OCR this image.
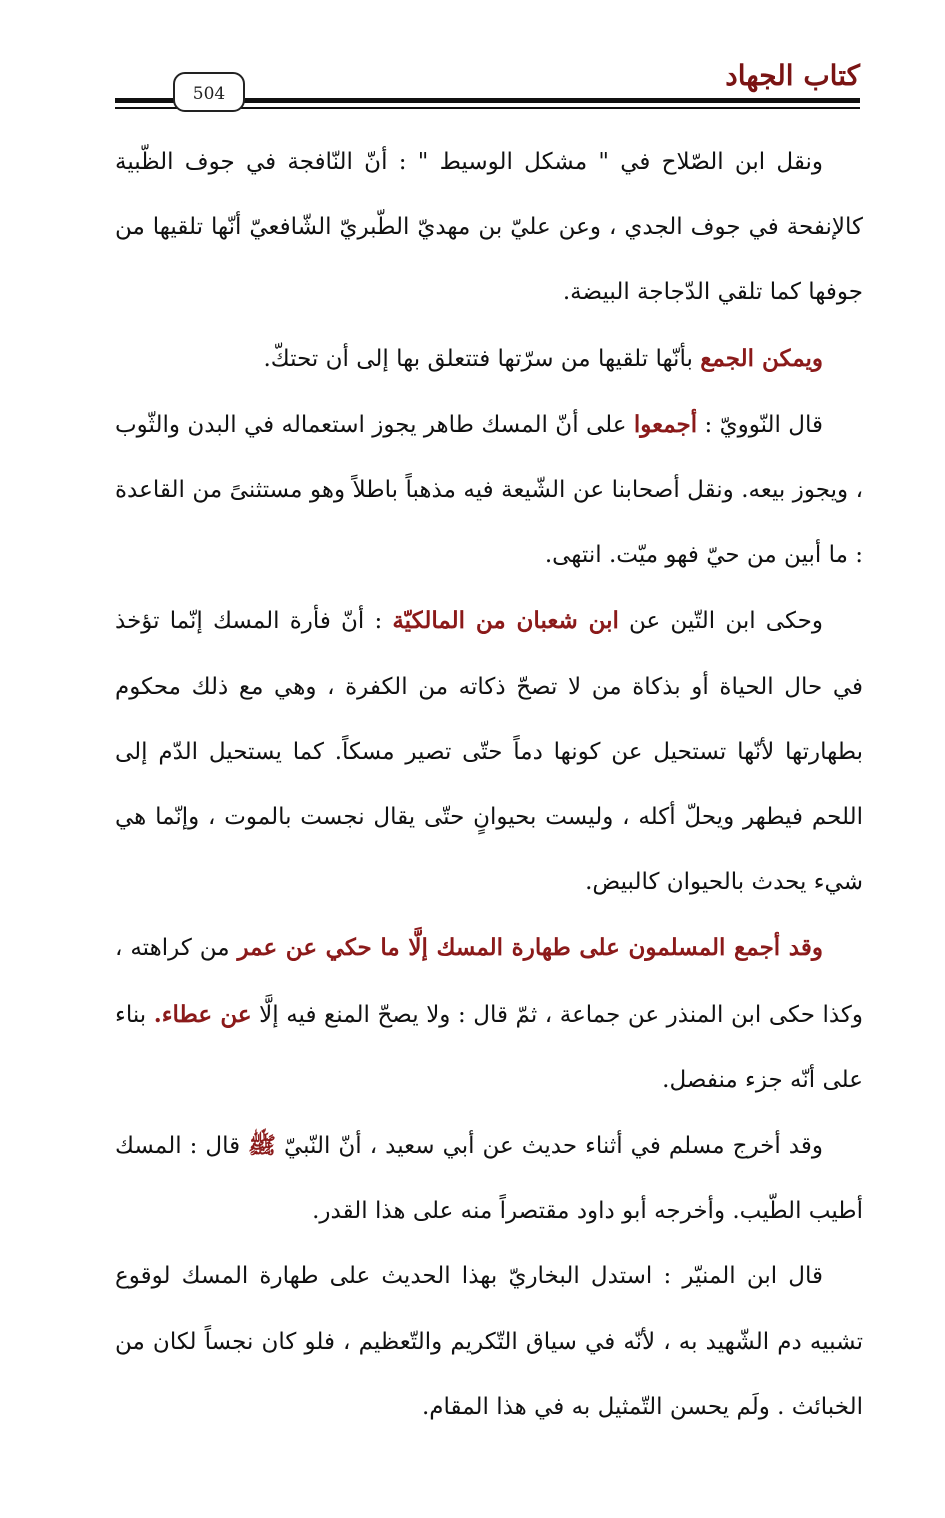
كتاب الجهاد
504

ونقل ابن الصّلاح في " مشكل الوسيط " : أنّ النّافجة في جوف الظّبية كالإنفحة في جوف الجدي ، وعن عليّ بن مهديّ الطّبريّ الشّافعيّ أنّها تلقيها من جوفها كما تلقي الدّجاجة البيضة.

ويمكن الجمع بأنّها تلقيها من سرّتها فتتعلق بها إلى أن تحتكّ.

قال النّوويّ : أجمعوا على أنّ المسك طاهر يجوز استعماله في البدن والثّوب ، ويجوز بيعه. ونقل أصحابنا عن الشّيعة فيه مذهباً باطلاً وهو مستثنىً من القاعدة : ما أبين من حيّ فهو ميّت. انتهى.

وحكى ابن التّين عن ابن شعبان من المالكيّة : أنّ فأرة المسك إنّما تؤخذ في حال الحياة أو بذكاة من لا تصحّ ذكاته من الكفرة ، وهي مع ذلك محكوم بطهارتها لأنّها تستحيل عن كونها دماً حتّى تصير مسكاً. كما يستحيل الدّم إلى اللحم فيطهر ويحلّ أكله ، وليست بحيوانٍ حتّى يقال نجست بالموت ، وإنّما هي شيء يحدث بالحيوان كالبيض.

وقد أجمع المسلمون على طهارة المسك إلَّا ما حكي عن عمر من كراهته ، وكذا حكى ابن المنذر عن جماعة ، ثمّ قال : ولا يصحّ المنع فيه إلَّا عن عطاء. بناء على أنّه جزء منفصل.

وقد أخرج مسلم في أثناء حديث عن أبي سعيد ، أنّ النّبيّ ﷺ قال : المسك أطيب الطّيب. وأخرجه أبو داود مقتصراً منه على هذا القدر.

قال ابن المنيّر : استدل البخاريّ بهذا الحديث على طهارة المسك لوقوع تشبيه دم الشّهيد به ، لأنّه في سياق التّكريم والتّعظيم ، فلو كان نجساً لكان من الخبائث . ولَم يحسن التّمثيل به في هذا المقام.
